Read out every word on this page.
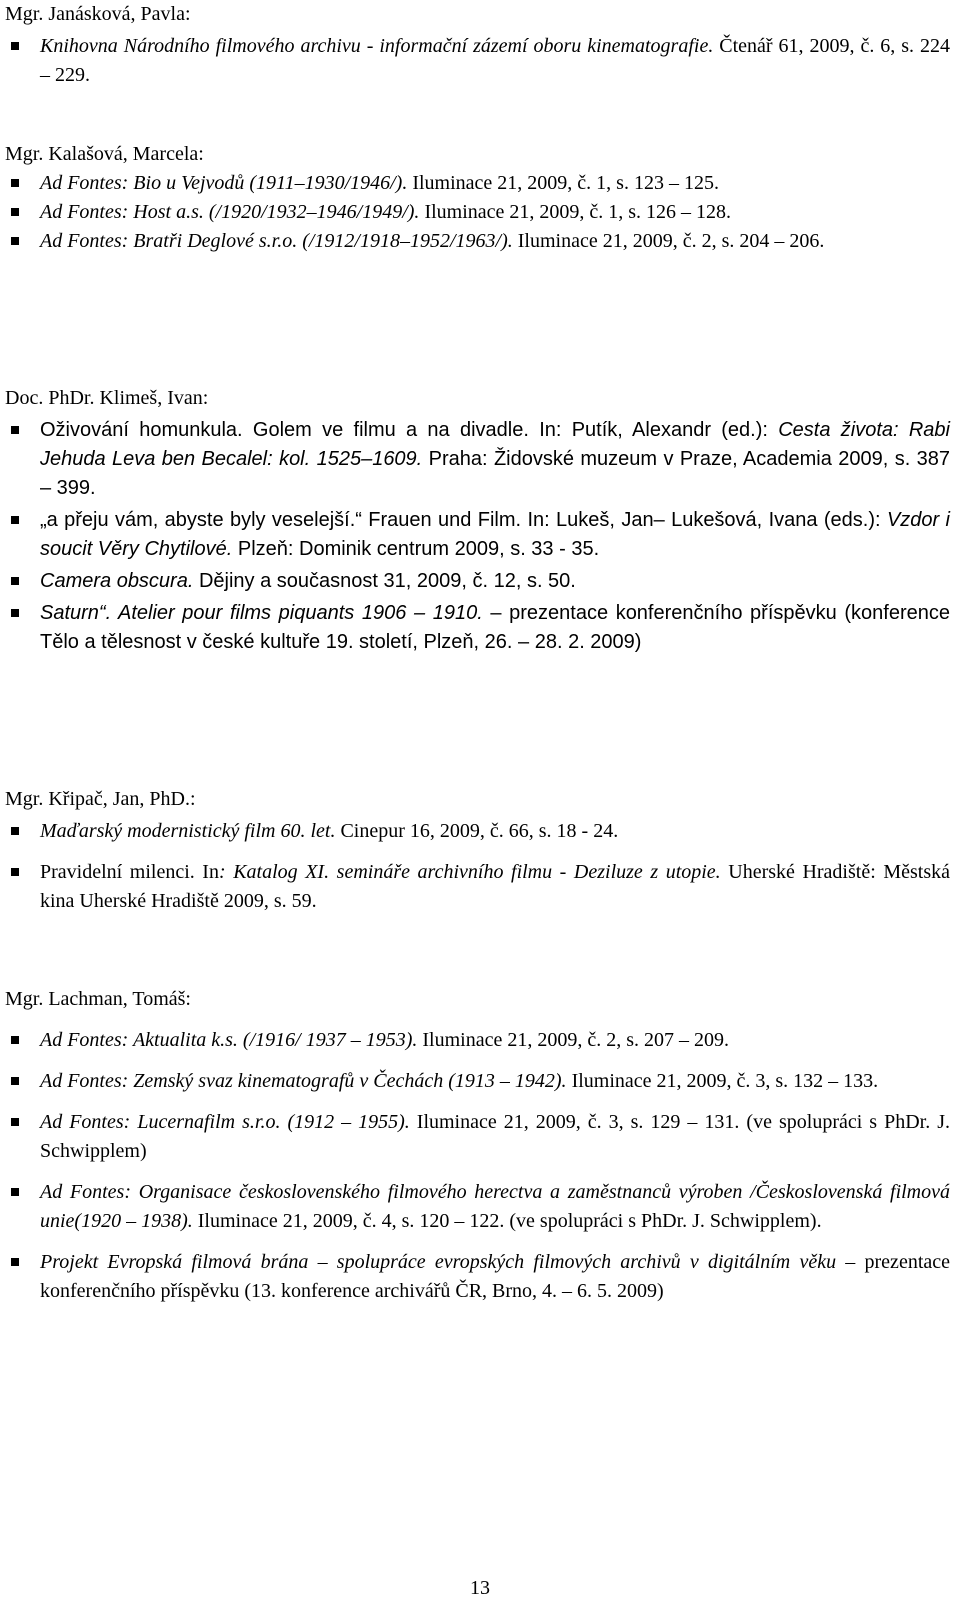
Mgr. Janásková, Pavla:

Knihovna Národního filmového archivu - informační zázemí oboru kinematografie. Čtenář 61, 2009, č. 6, s. 224 – 229.

Mgr. Kalašová, Marcela:

Ad Fontes: Bio u Vejvodů (1911–1930/1946/). Iluminace 21, 2009, č. 1, s. 123 – 125.
Ad Fontes: Host a.s. (/1920/1932–1946/1949/). Iluminace 21, 2009, č. 1, s. 126 – 128.
Ad Fontes: Bratři Deglové s.r.o. (/1912/1918–1952/1963/). Iluminace 21, 2009, č. 2, s. 204 – 206.

Doc. PhDr. Klimeš, Ivan:

Oživování homunkula. Golem ve filmu a na divadle. In: Putík, Alexandr (ed.): Cesta života: Rabi Jehuda Leva ben Becalel: kol. 1525–1609. Praha: Židovské muzeum v Praze, Academia 2009, s. 387 – 399.
„a přeju vám, abyste byly veselejší.“ Frauen und Film. In: Lukeš, Jan– Lukešová, Ivana (eds.): Vzdor i soucit Věry Chytilové. Plzeň: Dominik centrum 2009, s. 33 - 35.
Camera obscura. Dějiny a současnost 31, 2009, č. 12, s. 50.
Saturn“. Atelier pour films piquants 1906 – 1910. – prezentace konferenčního příspěvku (konference Tělo a tělesnost v české kultuře 19. století, Plzeň, 26. – 28. 2. 2009)

Mgr. Křipač, Jan, PhD.:

Maďarský modernistický film 60. let. Cinepur 16, 2009, č. 66, s. 18 - 24.
Pravidelní milenci. In: Katalog XI. semináře archivního filmu - Deziluze z utopie. Uherské Hradiště: Městská kina Uherské Hradiště 2009, s. 59.

Mgr. Lachman, Tomáš:

Ad Fontes: Aktualita k.s. (/1916/ 1937 – 1953). Iluminace 21, 2009, č. 2, s. 207 – 209.
Ad Fontes: Zemský svaz kinematografů v Čechách (1913 – 1942). Iluminace 21, 2009, č. 3, s. 132 – 133.
Ad Fontes: Lucernafilm s.r.o. (1912 – 1955). Iluminace 21, 2009, č. 3, s. 129 – 131. (ve spolupráci s PhDr. J. Schwipplem)
Ad Fontes: Organisace československého filmového herectva a zaměstnanců výroben /Československá filmová unie(1920 – 1938). Iluminace 21, 2009, č. 4, s. 120 – 122. (ve spolupráci s PhDr. J. Schwipplem).
Projekt Evropská filmová brána – spolupráce evropských filmových archivů v digitálním věku – prezentace konferenčního příspěvku (13. konference archivářů ČR, Brno, 4. – 6. 5. 2009)
13
